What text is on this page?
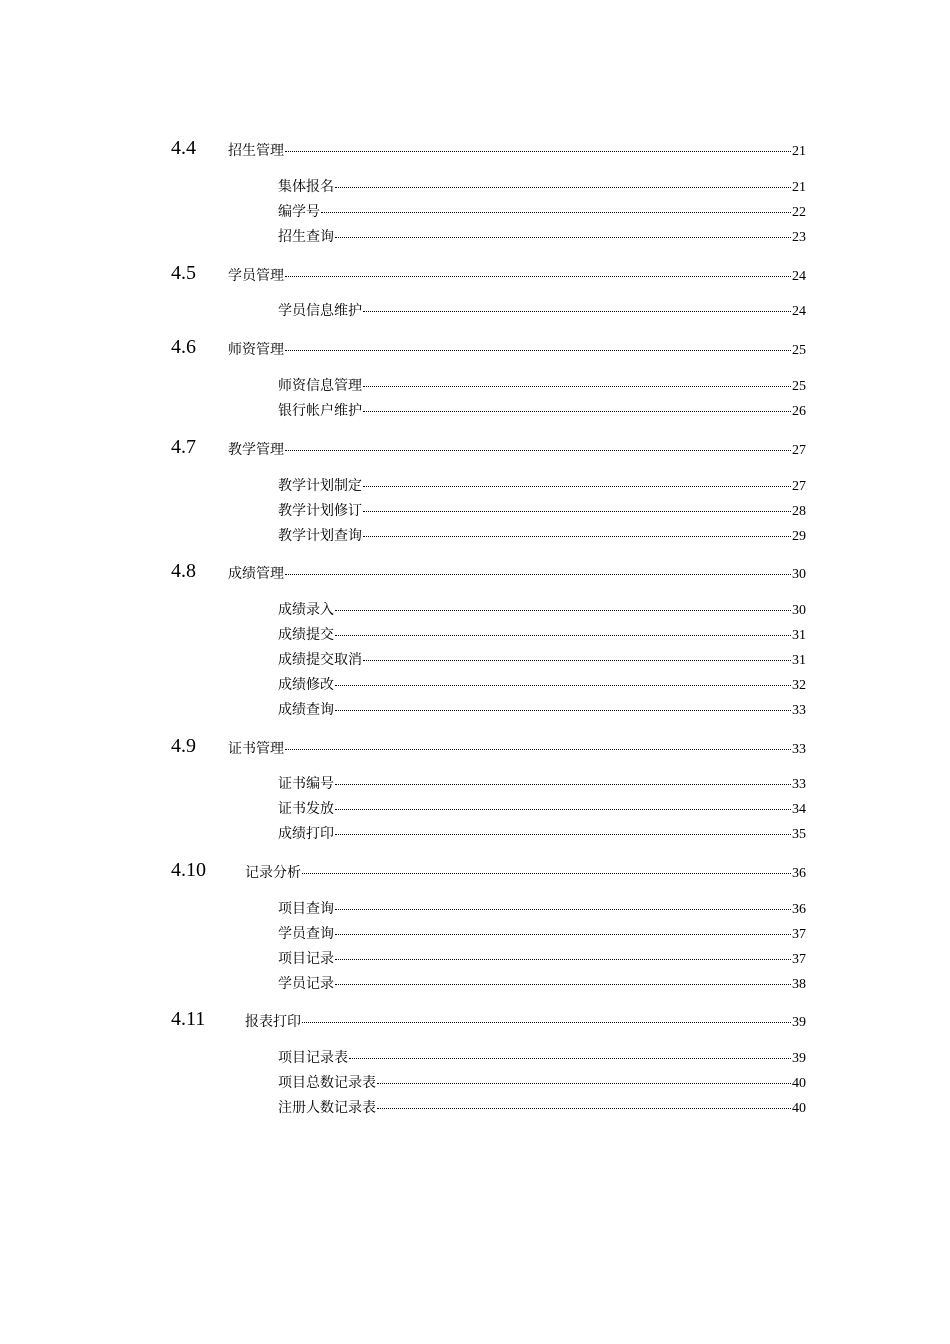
4.4 招生管理	21
集体报名	21
编学号	22
招生查询	23
4.5 学员管理	24
学员信息维护	24
4.6 师资管理	25
师资信息管理	25
银行帐户维护	26
4.7 教学管理	27
教学计划制定	27
教学计划修订	28
教学计划查询	29
4.8 成绩管理	30
成绩录入	30
成绩提交	31
成绩提交取消	31
成绩修改	32
成绩查询	33
4.9 证书管理	33
证书编号	33
证书发放	34
成绩打印	35
4.10	记录分析	36
项目查询	36
学员查询	37
项目记录	37
学员记录	38
4.11	报表打印	39
项目记录表	39
项目总数记录表	40
注册人数记录表	40
